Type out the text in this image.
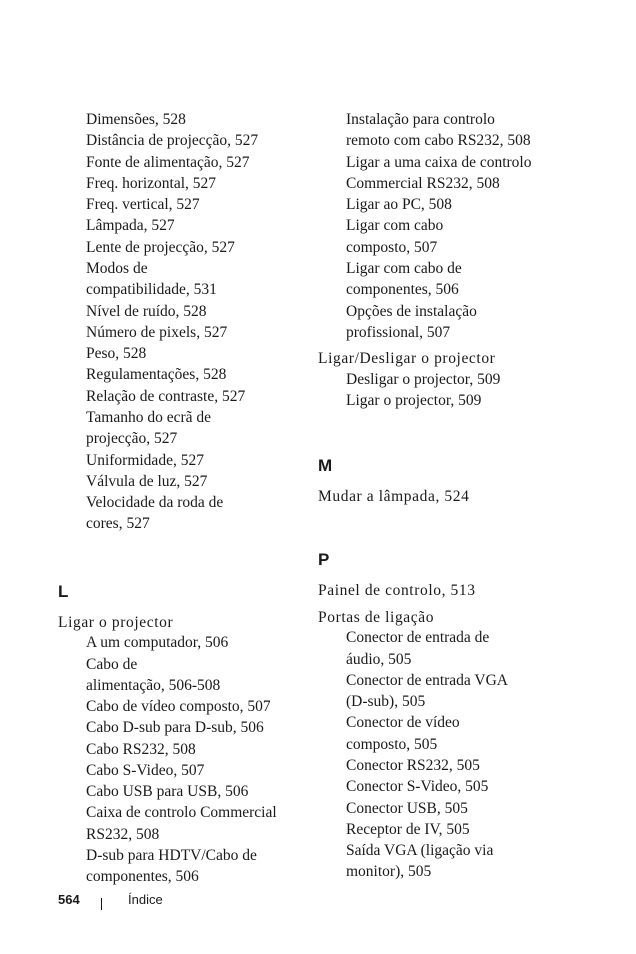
Dimensões, 528
Distância de projecção, 527
Fonte de alimentação, 527
Freq. horizontal, 527
Freq. vertical, 527
Lâmpada, 527
Lente de projecção, 527
Modos de
compatibilidade, 531
Nível de ruído, 528
Número de pixels, 527
Peso, 528
Regulamentações, 528
Relação de contraste, 527
Tamanho do ecrã de
projecção, 527
Uniformidade, 527
Válvula de luz, 527
Velocidade da roda de
cores, 527
L
Ligar o projector
A um computador, 506
Cabo de
alimentação, 506-508
Cabo de vídeo composto, 507
Cabo D-sub para D-sub, 506
Cabo RS232, 508
Cabo S-Video, 507
Cabo USB para USB, 506
Caixa de controlo Commercial
RS232, 508
D-sub para HDTV/Cabo de
componentes, 506
Instalação para controlo
remoto com cabo RS232, 508
Ligar a uma caixa de controlo
Commercial RS232, 508
Ligar ao PC, 508
Ligar com cabo
composto, 507
Ligar com cabo de
componentes, 506
Opções de instalação
profissional, 507
Ligar/Desligar o projector
Desligar o projector, 509
Ligar o projector, 509
M
Mudar a lâmpada, 524
P
Painel de controlo, 513
Portas de ligação
Conector de entrada de
áudio, 505
Conector de entrada VGA
(D-sub), 505
Conector de vídeo
composto, 505
Conector RS232, 505
Conector S-Video, 505
Conector USB, 505
Receptor de IV, 505
Saída VGA (ligação via
monitor), 505
564	Índice
